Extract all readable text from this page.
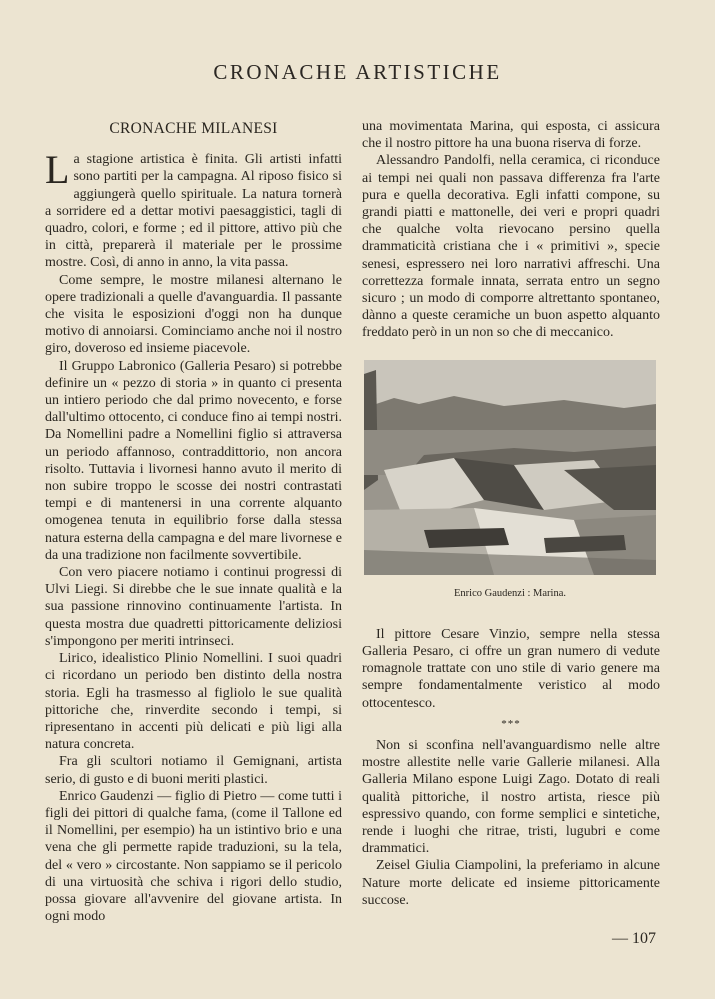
CRONACHE ARTISTICHE
CRONACHE MILANESI

La stagione artistica è finita. Gli artisti infatti sono partiti per la campagna. Al riposo fisico si aggiungerà quello spirituale. La natura tornerà a sorridere ed a dettar motivi paesaggistici, tagli di quadro, colori, e forme ; ed il pittore, attivo più che in città, preparerà il materiale per le prossime mostre. Così, di anno in anno, la vita passa.

Come sempre, le mostre milanesi alternano le opere tradizionali a quelle d'avanguardia. Il passante che visita le esposizioni d'oggi non ha dunque motivo di annoiarsi. Cominciamo anche noi il nostro giro, doveroso ed insieme piacevole.

Il Gruppo Labronico (Galleria Pesaro) si potrebbe definire un « pezzo di storia » in quanto ci presenta un intiero periodo che dal primo novecento, e forse dall'ultimo ottocento, ci conduce fino ai tempi nostri. Da Nomellini padre a Nomellini figlio si attraversa un periodo affannoso, contraddittorio, non ancora risolto. Tuttavia i livornesi hanno avuto il merito di non subire troppo le scosse dei nostri contrastati tempi e di mantenersi in una corrente alquanto omogenea tenuta in equilibrio forse dalla stessa natura esterna della campagna e del mare livornese e da una tradizione non facilmente sovvertibile.

Con vero piacere notiamo i continui progressi di Ulvi Liegi. Si direbbe che le sue innate qualità e la sua passione rinnovino continuamente l'artista. In questa mostra due quadretti pittoricamente deliziosi s'impongono per meriti intrinseci.

Lirico, idealistico Plinio Nomellini. I suoi quadri ci ricordano un periodo ben distinto della nostra storia. Egli ha trasmesso al figliolo le sue qualità pittoriche che, rinverdite secondo i tempi, si ripresentano in accenti più delicati e più ligi alla natura concreta.

Fra gli scultori notiamo il Gemignani, artista serio, di gusto e di buoni meriti plastici.

Enrico Gaudenzi — figlio di Pietro — come tutti i figli dei pittori di qualche fama, (come il Tallone ed il Nomellini, per esempio) ha un istintivo brio e una vena che gli permette rapide traduzioni, su la tela, del « vero » circostante. Non sappiamo se il pericolo di una virtuosità che schiva i rigori dello studio, possa giovare all'avvenire del giovane artista. In ogni modo

una movimentata Marina, qui esposta, ci assicura che il nostro pittore ha una buona riserva di forze.

Alessandro Pandolfi, nella ceramica, ci riconduce ai tempi nei quali non passava differenza fra l'arte pura e quella decorativa. Egli infatti compone, su grandi piatti e mattonelle, dei veri e propri quadri che qualche volta rievocano persino quella drammaticità cristiana che i « primitivi », specie senesi, espressero nei loro narrativi affreschi. Una correttezza formale innata, serrata entro un segno sicuro ; un modo di comporre altrettanto spontaneo, dànno a queste ceramiche un buon aspetto alquanto freddato però in un non so che di meccanico.

Enrico Gaudenzi : Marina.

Il pittore Cesare Vinzio, sempre nella stessa Galleria Pesaro, ci offre un gran numero di vedute romagnole trattate con uno stile di vario genere ma sempre fondamentalmente veristico al modo ottocentesco.

***

Non si sconfina nell'avanguardismo nelle altre mostre allestite nelle varie Gallerie milanesi. Alla Galleria Milano espone Luigi Zago. Dotato di reali qualità pittoriche, il nostro artista, riesce più espressivo quando, con forme semplici e sintetiche, rende i luoghi che ritrae, tristi, lugubri e come drammatici.

Zeisel Giulia Ciampolini, la preferiamo in alcune Nature morte delicate ed insieme pittoricamente succose.

— 107
